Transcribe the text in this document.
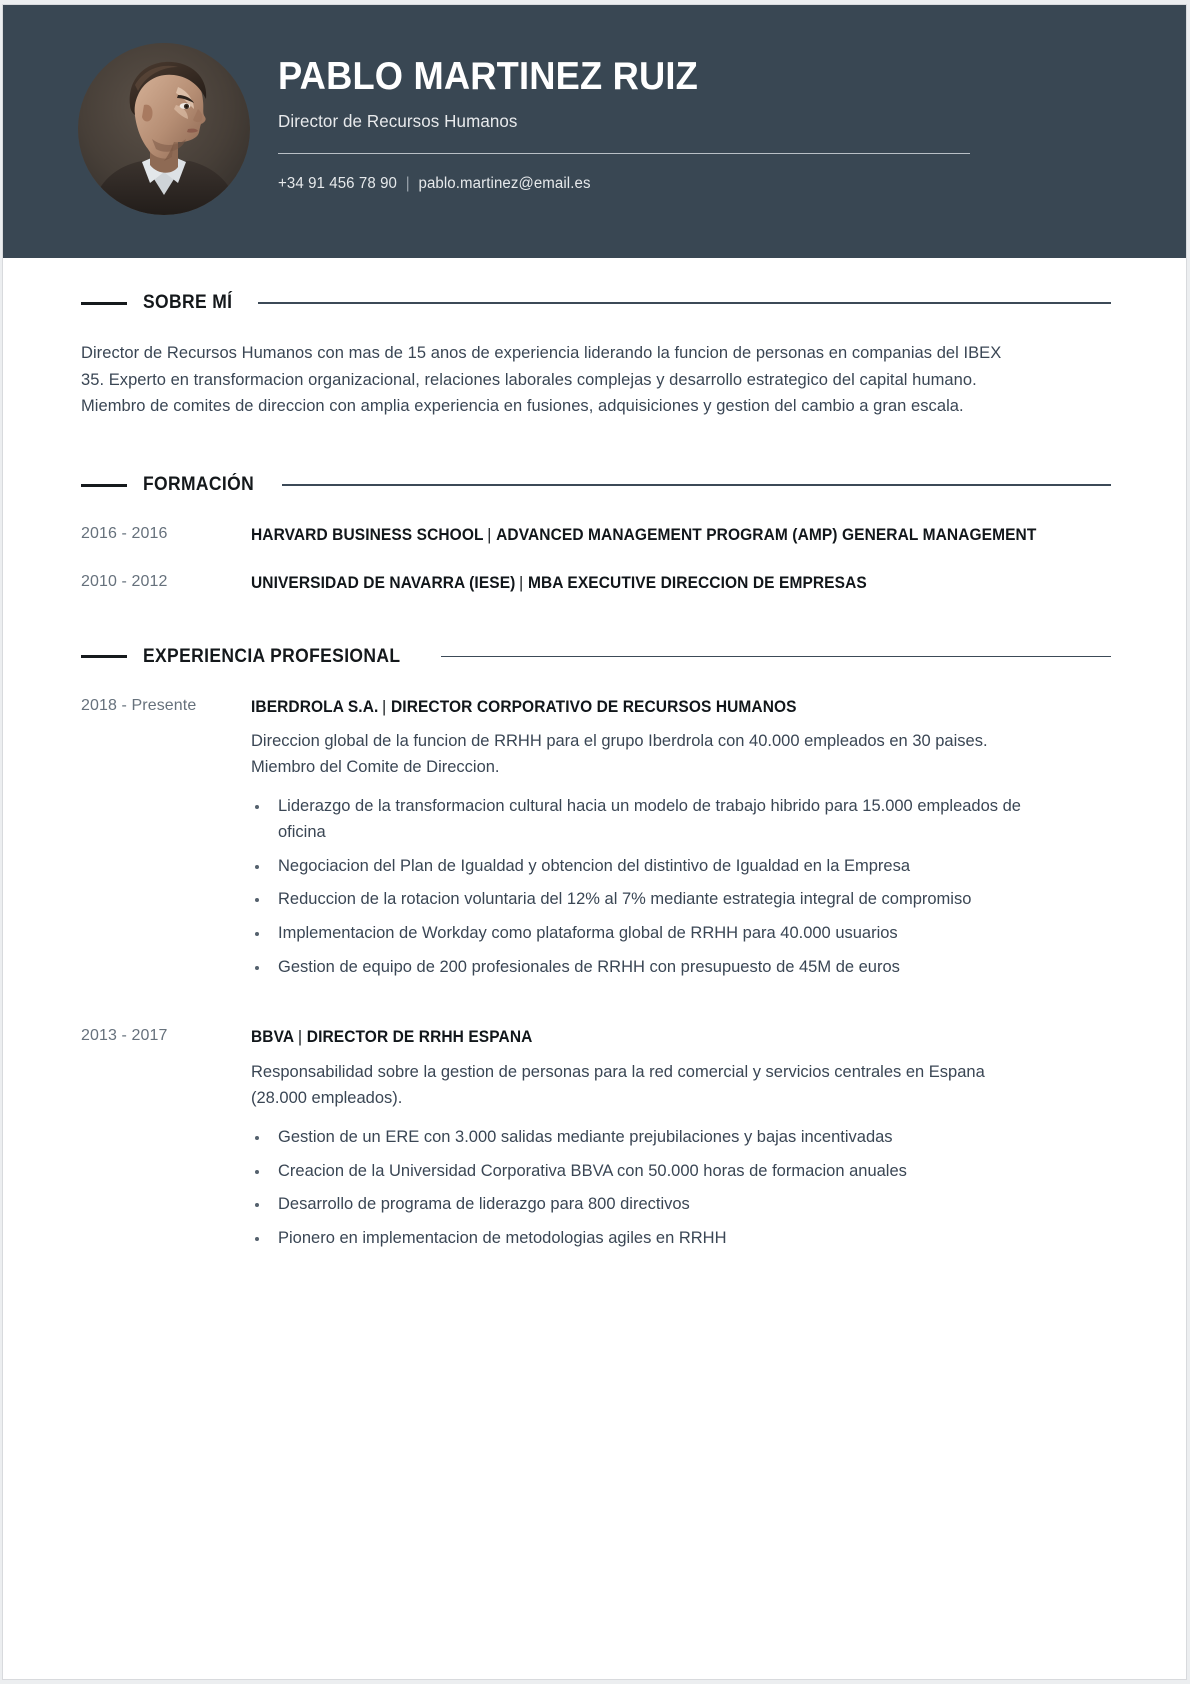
PABLO MARTINEZ RUIZ
Director de Recursos Humanos
+34 91 456 78 90 | pablo.martinez@email.es
SOBRE MÍ
Director de Recursos Humanos con mas de 15 anos de experiencia liderando la funcion de personas en companias del IBEX 35. Experto en transformacion organizacional, relaciones laborales complejas y desarrollo estrategico del capital humano. Miembro de comites de direccion con amplia experiencia en fusiones, adquisiciones y gestion del cambio a gran escala.
FORMACIÓN
2016 - 2016	HARVARD BUSINESS SCHOOL | ADVANCED MANAGEMENT PROGRAM (AMP) GENERAL MANAGEMENT
2010 - 2012	UNIVERSIDAD DE NAVARRA (IESE) | MBA EXECUTIVE DIRECCION DE EMPRESAS
EXPERIENCIA PROFESIONAL
2018 - Presente	IBERDROLA S.A. | DIRECTOR CORPORATIVO DE RECURSOS HUMANOS
Direccion global de la funcion de RRHH para el grupo Iberdrola con 40.000 empleados en 30 paises. Miembro del Comite de Direccion.
Liderazgo de la transformacion cultural hacia un modelo de trabajo hibrido para 15.000 empleados de oficina
Negociacion del Plan de Igualdad y obtencion del distintivo de Igualdad en la Empresa
Reduccion de la rotacion voluntaria del 12% al 7% mediante estrategia integral de compromiso
Implementacion de Workday como plataforma global de RRHH para 40.000 usuarios
Gestion de equipo de 200 profesionales de RRHH con presupuesto de 45M de euros
2013 - 2017	BBVA | DIRECTOR DE RRHH ESPANA
Responsabilidad sobre la gestion de personas para la red comercial y servicios centrales en Espana (28.000 empleados).
Gestion de un ERE con 3.000 salidas mediante prejubilaciones y bajas incentivadas
Creacion de la Universidad Corporativa BBVA con 50.000 horas de formacion anuales
Desarrollo de programa de liderazgo para 800 directivos
Pionero en implementacion de metodologias agiles en RRHH
